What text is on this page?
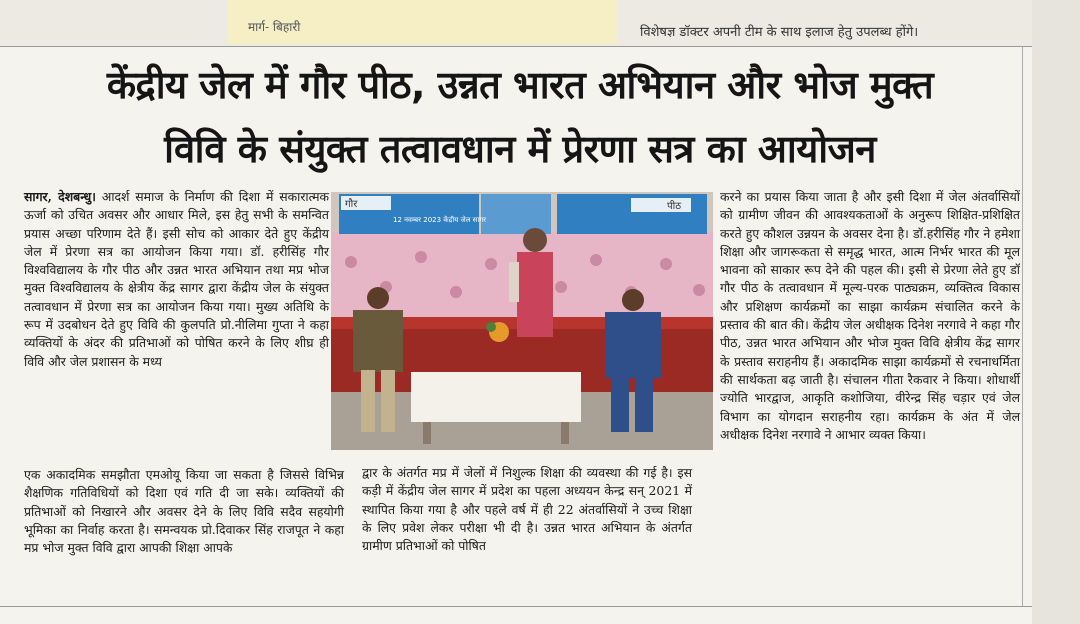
मार्ग- बिहारी	विशेषज्ञ डॉक्टर अपनी टीम के साथ इलाज हेतु उपलब्ध होंगे।
केंद्रीय जेल में गौर पीठ, उन्नत भारत अभियान और भोज मुक्त
विवि के संयुक्त तत्वावधान में प्रेरणा सत्र का आयोजन

सागर, देशबन्धु। आदर्श समाज के निर्माण की दिशा में सकारात्मक ऊर्जा को उचित अवसर और आधार मिले, इस हेतु सभी के समन्वित प्रयास अच्छा परिणाम देते हैं। इसी सोच को आकार देते हुए केंद्रीय जेल में प्रेरणा सत्र का आयोजन किया गया। डॉ. हरीसिंह गौर विश्वविद्यालय के गौर पीठ और उन्नत भारत अभियान तथा मप्र भोज मुक्त विश्वविद्यालय के क्षेत्रीय केंद्र सागर द्वारा केंद्रीय जेल के संयुक्त तत्वावधान में प्रेरणा सत्र का आयोजन किया गया। मुख्य अतिथि के रूप में उदबोधन देते हुए विवि की कुलपति प्रो.नीलिमा गुप्ता ने कहा व्यक्तियों के अंदर की प्रतिभाओं को पोषित करने के लिए शीघ्र ही विवि और जेल प्रशासन के मध्य

गौर	पीठ
12 नवम्बर 2023 केंद्रीय जेल सागर

एक अकादमिक समझौता एमओयू किया जा सकता है जिससे विभिन्न शैक्षणिक गतिविधियों को दिशा एवं गति दी जा सके। व्यक्तियों की प्रतिभाओं को निखारने और अवसर देने के लिए विवि सदैव सहयोगी भूमिका का निर्वाह करता है। समन्वयक प्रो.दिवाकर सिंह राजपूत ने कहा मप्र भोज मुक्त विवि द्वारा आपकी शिक्षा आपके

द्वार के अंतर्गत मप्र में जेलों में निशुल्क शिक्षा की व्यवस्था की गई है। इस कड़ी में केंद्रीय जेल सागर में प्रदेश का पहला अध्ययन केन्द्र सन् 2021 में स्थापित किया गया है और पहले वर्ष में ही 22 अंतर्वासियों ने उच्च शिक्षा के लिए प्रवेश लेकर परीक्षा भी दी है। उन्नत भारत अभियान के अंतर्गत ग्रामीण प्रतिभाओं को पोषित

करने का प्रयास किया जाता है और इसी दिशा में जेल अंतर्वासियों को ग्रामीण जीवन की आवश्यकताओं के अनुरूप शिक्षित-प्रशिक्षित करते हुए कौशल उन्नयन के अवसर देना है। डॉ.हरीसिंह गौर ने हमेशा शिक्षा और जागरूकता से समृद्ध भारत, आत्म निर्भर भारत की मूल भावना को साकार रूप देने की पहल की। इसी से प्रेरणा लेते हुए डॉ गौर पीठ के तत्वावधान में मूल्य-परक पाठ्यक्रम, व्यक्तित्व विकास और प्रशिक्षण कार्यक्रमों का साझा कार्यक्रम संचालित करने के प्रस्ताव की बात की। केंद्रीय जेल अधीक्षक दिनेश नरगावे ने कहा गौर पीठ, उन्नत भारत अभियान और भोज मुक्त विवि क्षेत्रीय केंद्र सागर के प्रस्ताव सराहनीय हैं। अकादमिक साझा कार्यक्रमों से रचनाधर्मिता की सार्थकता बढ़ जाती है। संचालन गीता रैकवार ने किया। शोधार्थी ज्योति भारद्वाज, आकृति कशोजिया, वीरेन्द्र सिंह चड़ार एवं जेल विभाग का योगदान सराहनीय रहा। कार्यक्रम के अंत में जेल अधीक्षक दिनेश नरगावे ने आभार व्यक्त किया।
